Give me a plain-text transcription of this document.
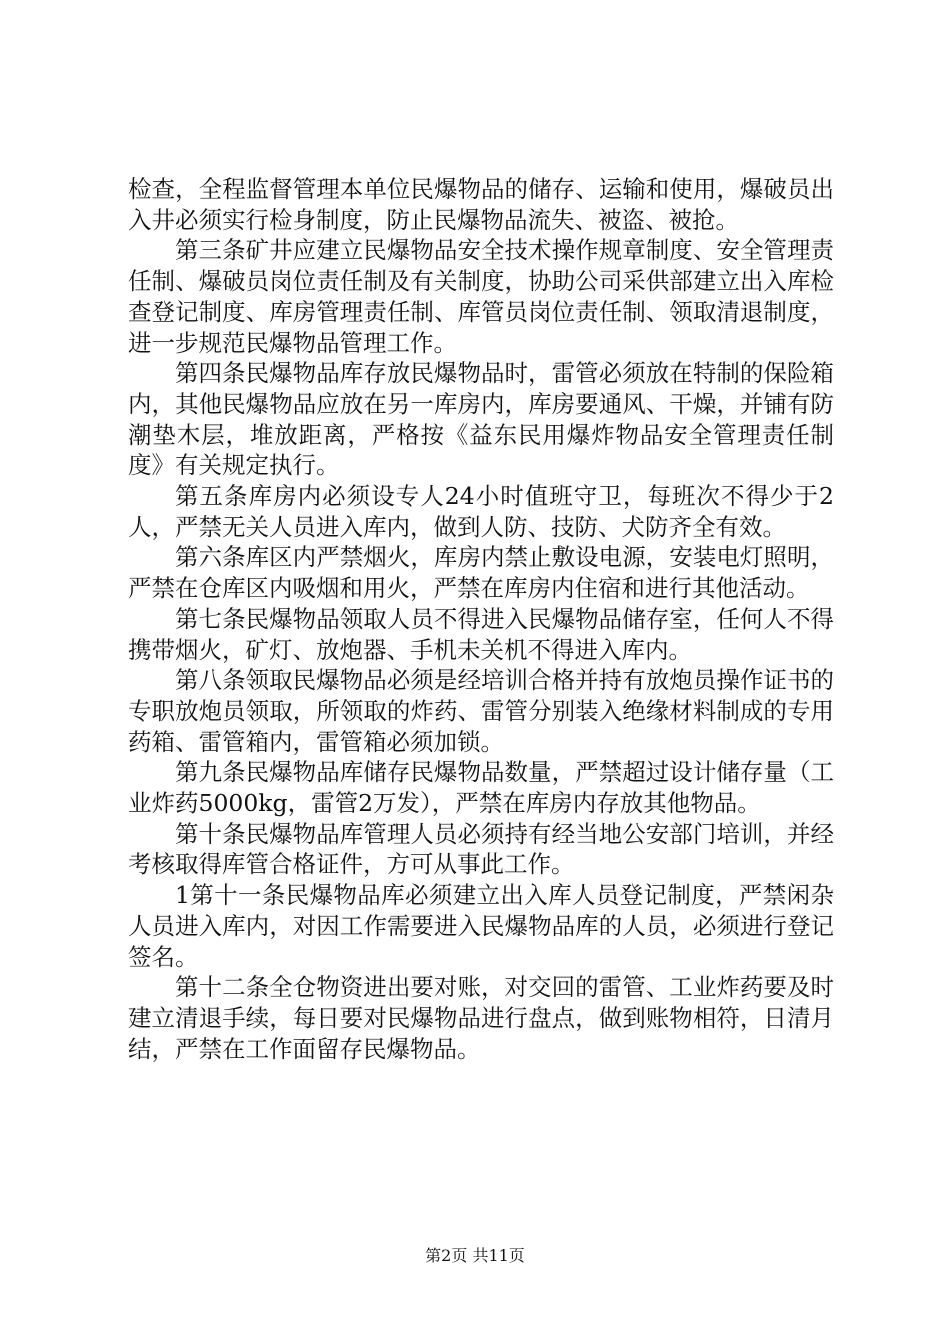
检查，全程监督管理本单位民爆物品的储存、运输和使用，爆破员出入井必须实行检身制度，防止民爆物品流失、被盗、被抢。

第三条矿井应建立民爆物品安全技术操作规章制度、安全管理责任制、爆破员岗位责任制及有关制度，协助公司采供部建立出入库检查登记制度、库房管理责任制、库管员岗位责任制、领取清退制度，进一步规范民爆物品管理工作。

第四条民爆物品库存放民爆物品时，雷管必须放在特制的保险箱内，其他民爆物品应放在另一库房内，库房要通风、干燥，并铺有防潮垫木层，堆放距离，严格按《益东民用爆炸物品安全管理责任制度》有关规定执行。

第五条库房内必须设专人24小时值班守卫，每班次不得少于2人，严禁无关人员进入库内，做到人防、技防、犬防齐全有效。

第六条库区内严禁烟火，库房内禁止敷设电源，安装电灯照明，严禁在仓库区内吸烟和用火，严禁在库房内住宿和进行其他活动。

第七条民爆物品领取人员不得进入民爆物品储存室，任何人不得携带烟火，矿灯、放炮器、手机未关机不得进入库内。

第八条领取民爆物品必须是经培训合格并持有放炮员操作证书的专职放炮员领取，所领取的炸药、雷管分别装入绝缘材料制成的专用药箱、雷管箱内，雷管箱必须加锁。

第九条民爆物品库储存民爆物品数量，严禁超过设计储存量（工业炸药5000kg，雷管2万发），严禁在库房内存放其他物品。

第十条民爆物品库管理人员必须持有经当地公安部门培训，并经考核取得库管合格证件，方可从事此工作。

1第十一条民爆物品库必须建立出入库人员登记制度，严禁闲杂人员进入库内，对因工作需要进入民爆物品库的人员，必须进行登记签名。

第十二条全仓物资进出要对账，对交回的雷管、工业炸药要及时建立清退手续，每日要对民爆物品进行盘点，做到账物相符，日清月结，严禁在工作面留存民爆物品。

第2页 共11页
